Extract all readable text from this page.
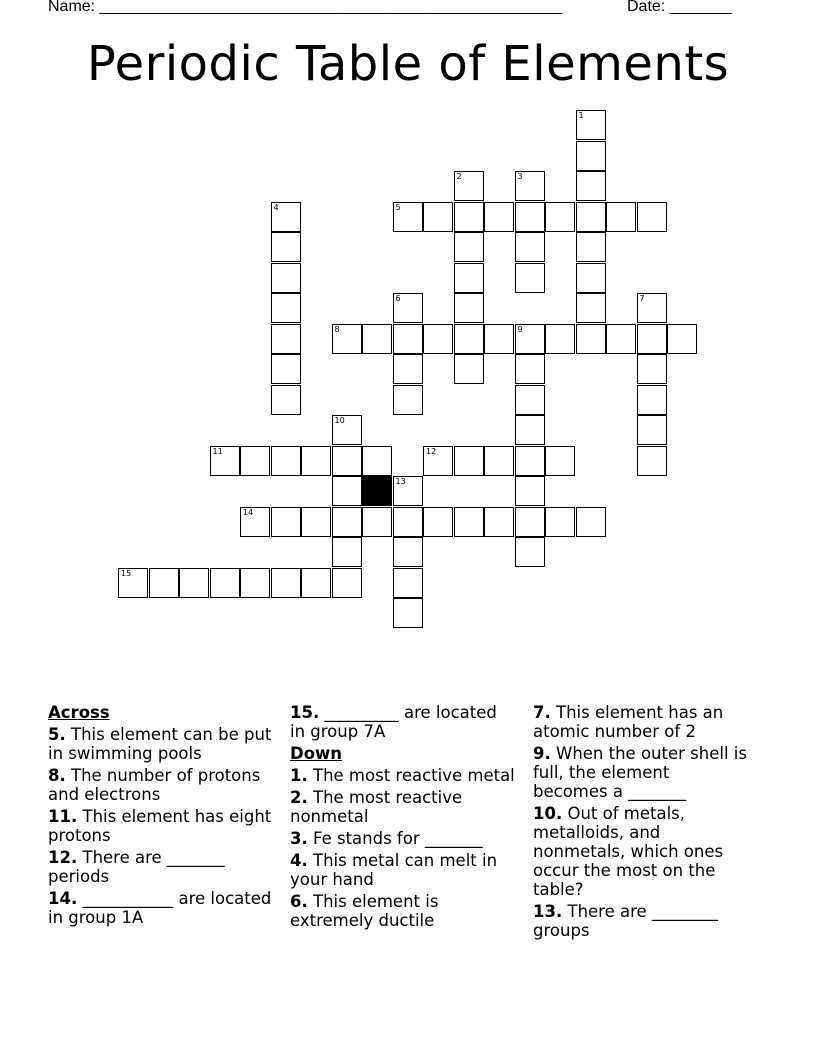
Name: ____________________________________________________	Date: _______
Periodic Table of Elements
1
2	3
4	5
6	7
8	9
10
11	12
13
14
15

Across

5. This element can be put in swimming pools

8. The number of protons and electrons

11. This element has eight protons

12. There are _______ periods

14. ___________ are located in group 1A

15. _________ are located in group 7A

Down

1. The most reactive metal

2. The most reactive nonmetal

3. Fe stands for _______

4. This metal can melt in your hand

6. This element is extremely ductile

7. This element has an atomic number of 2

9. When the outer shell is full, the element becomes a _______

10. Out of metals, metalloids, and nonmetals, which ones occur the most on the table?

13. There are ________ groups
